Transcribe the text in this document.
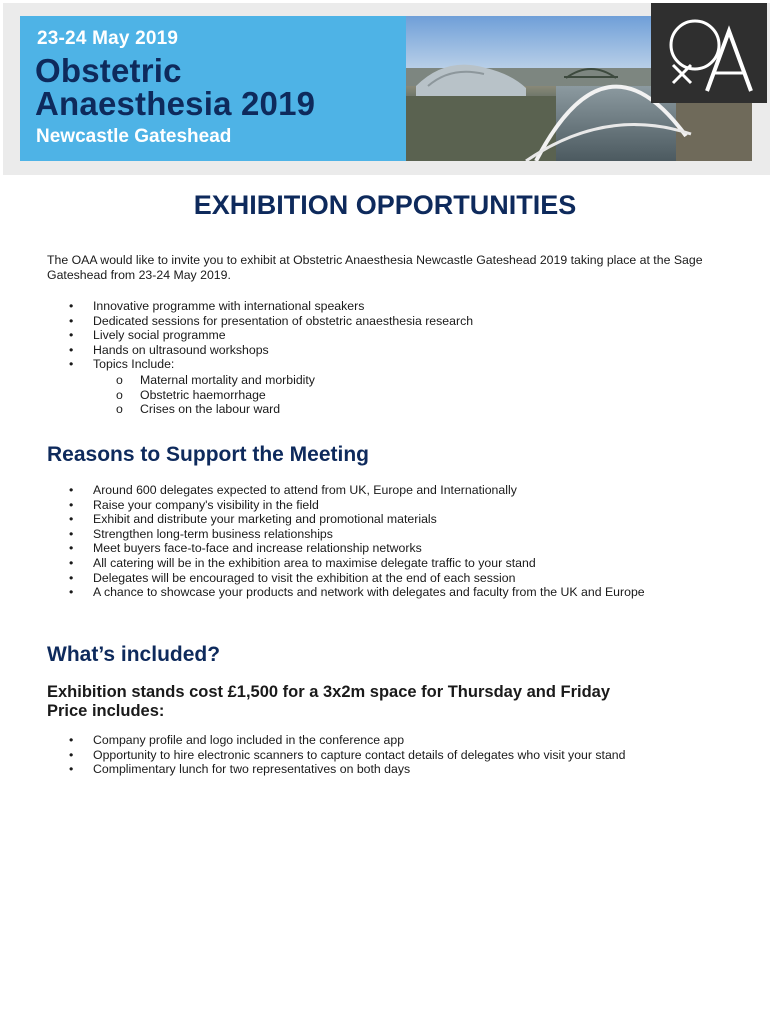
23-24 May 2019
Obstetric
Anaesthesia 2019
Newcastle Gateshead
EXHIBITION OPPORTUNITIES
The OAA would like to invite you to exhibit at Obstetric Anaesthesia Newcastle Gateshead 2019 taking place at the Sage Gateshead from 23-24 May 2019.
• Innovative programme with international speakers
• Dedicated sessions for presentation of obstetric anaesthesia research
• Lively social programme
• Hands on ultrasound workshops
• Topics Include:
o Maternal mortality and morbidity
o Obstetric haemorrhage
o Crises on the labour ward
Reasons to Support the Meeting
• Around 600 delegates expected to attend from UK, Europe and Internationally
• Raise your company's visibility in the field
• Exhibit and distribute your marketing and promotional materials
• Strengthen long-term business relationships
• Meet buyers face-to-face and increase relationship networks
• All catering will be in the exhibition area to maximise delegate traffic to your stand
• Delegates will be encouraged to visit the exhibition at the end of each session
• A chance to showcase your products and network with delegates and faculty from the UK and Europe
What’s included?
Exhibition stands cost £1,500 for a 3x2m space for Thursday and Friday
Price includes:
• Company profile and logo included in the conference app
• Opportunity to hire electronic scanners to capture contact details of delegates who visit your stand
• Complimentary lunch for two representatives on both days
